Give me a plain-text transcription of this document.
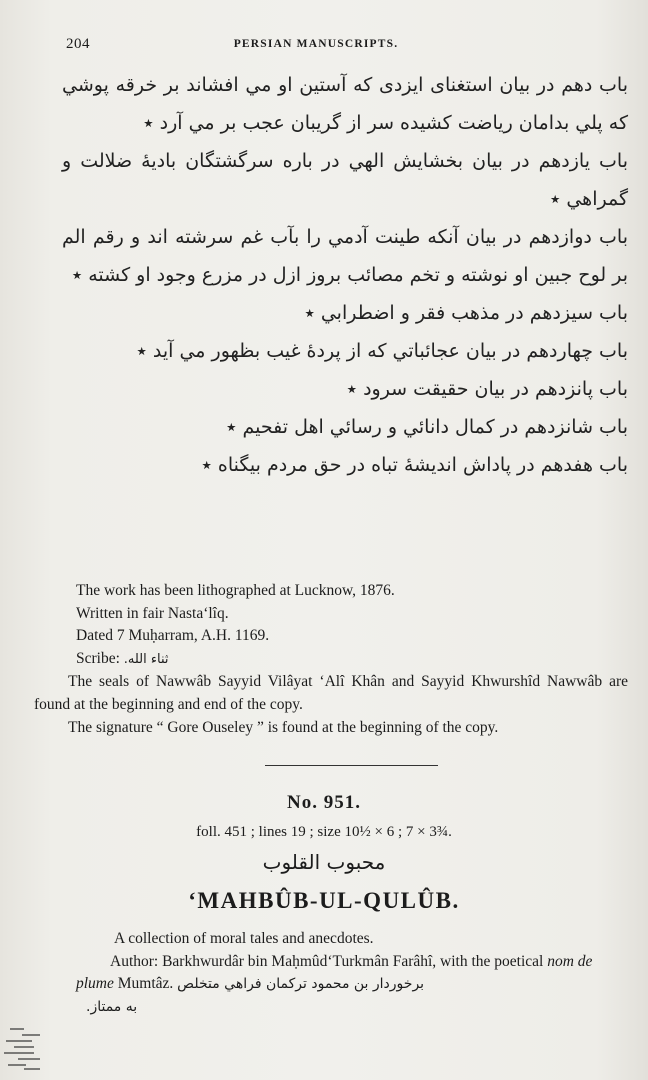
204	PERSIAN MANUSCRIPTS.

باب دهم در بيان استغناى ايزدى كه آستين او مي افشاند بر خرقه پوشي كه پلي بدامان رياضت كشيده سر از گريبان عجب بر مي آرد ٭

باب يازدهم در بيان بخشايش الهي در باره سرگشتگان باديهٔ ضلالت و گمراهي ٭

باب دوازدهم در بيان آنكه طينت آدمي را بآب غم سرشته اند و رقم الم بر لوح جبين او نوشته و تخم مصائب بروز ازل در مزرع وجود او كشته ٭

باب سيزدهم در مذهب فقر و اضطرابي ٭

باب چهاردهم در بيان عجائباتي كه از پردهٔ غيب بظهور مي آيد ٭

باب پانزدهم در بيان حقيقت سرود ٭

باب شانزدهم در كمال دانائي و رسائي اهل تفحيم ٭

باب هفدهم در پاداش انديشهٔ تباه در حق مردم بيگناه ٭

The work has been lithographed at Lucknow, 1876.
Written in fair Nasta‘lîq.
Dated 7 Muḥarram, A.H. 1169.
Scribe: ثناء الله.
The seals of Nawwâb Sayyid Vilâyat ‘Alî Khân and Sayyid Khwurshîd Nawwâb are found at the beginning and end of the copy.
The signature “ Gore Ouseley ” is found at the beginning of the copy.
No. 951.
foll. 451 ; lines 19 ; size 10½ × 6 ; 7 × 3¾.
محبوب القلوب
‘MAHBÛB-UL-QULÛB.
A collection of moral tales and anecdotes.
Author: Barkhwurdâr bin Maḥmûd‘Turkmân Farâhî, with the poetical nom de plume Mumtâz. برخوردار بن محمود تركمان فراهي متخلص
به ممتاز.
